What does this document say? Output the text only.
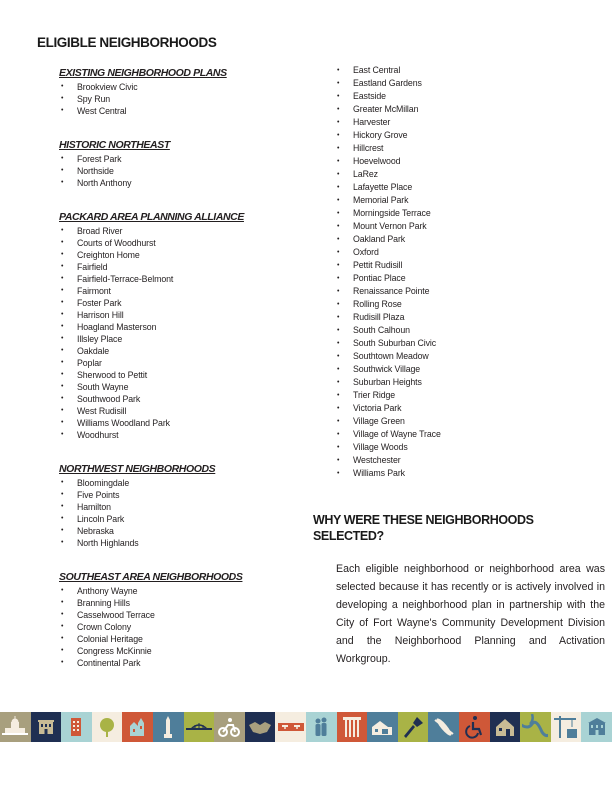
ELIGIBLE NEIGHBORHOODS
EXISTING NEIGHBORHOOD PLANS
• Brookview Civic
• Spy Run
• West Central
HISTORIC NORTHEAST
• Forest Park
• Northside
• North Anthony
PACKARD AREA PLANNING ALLIANCE
• Broad River
• Courts of Woodhurst
• Creighton Home
• Fairfield
• Fairfield-Terrace-Belmont
• Fairmont
• Foster Park
• Harrison Hill
• Hoagland Masterson
• Illsley Place
• Oakdale
• Poplar
• Sherwood to Pettit
• South Wayne
• Southwood Park
• West Rudisill
• Williams Woodland Park
• Woodhurst
NORTHWEST NEIGHBORHOODS
• Bloomingdale
• Five Points
• Hamilton
• Lincoln Park
• Nebraska
• North Highlands
SOUTHEAST AREA NEIGHBORHOODS
• Anthony Wayne
• Branning Hills
• Casselwood Terrace
• Crown Colony
• Colonial Heritage
• Congress McKinnie
• Continental Park
• East Central
• Eastland Gardens
• Eastside
• Greater McMillan
• Harvester
• Hickory Grove
• Hillcrest
• Hoevelwood
• LaRez
• Lafayette Place
• Memorial Park
• Morningside Terrace
• Mount Vernon Park
• Oakland Park
• Oxford
• Pettit Rudisill
• Pontiac Place
• Renaissance Pointe
• Rolling Rose
• Rudisill Plaza
• South Calhoun
• South Suburban Civic
• Southtown Meadow
• Southwick Village
• Suburban Heights
• Trier Ridge
• Victoria Park
• Village Green
• Village of Wayne Trace
• Village Woods
• Westchester
• Williams Park
WHY WERE THESE NEIGHBORHOODS SELECTED?

Each eligible neighborhood or neighborhood area was selected because it has recently or is actively involved in developing a neighborhood plan in partnership with the City of Fort Wayne's Community Development Division and the Neighborhood Planning and Activation Workgroup.
